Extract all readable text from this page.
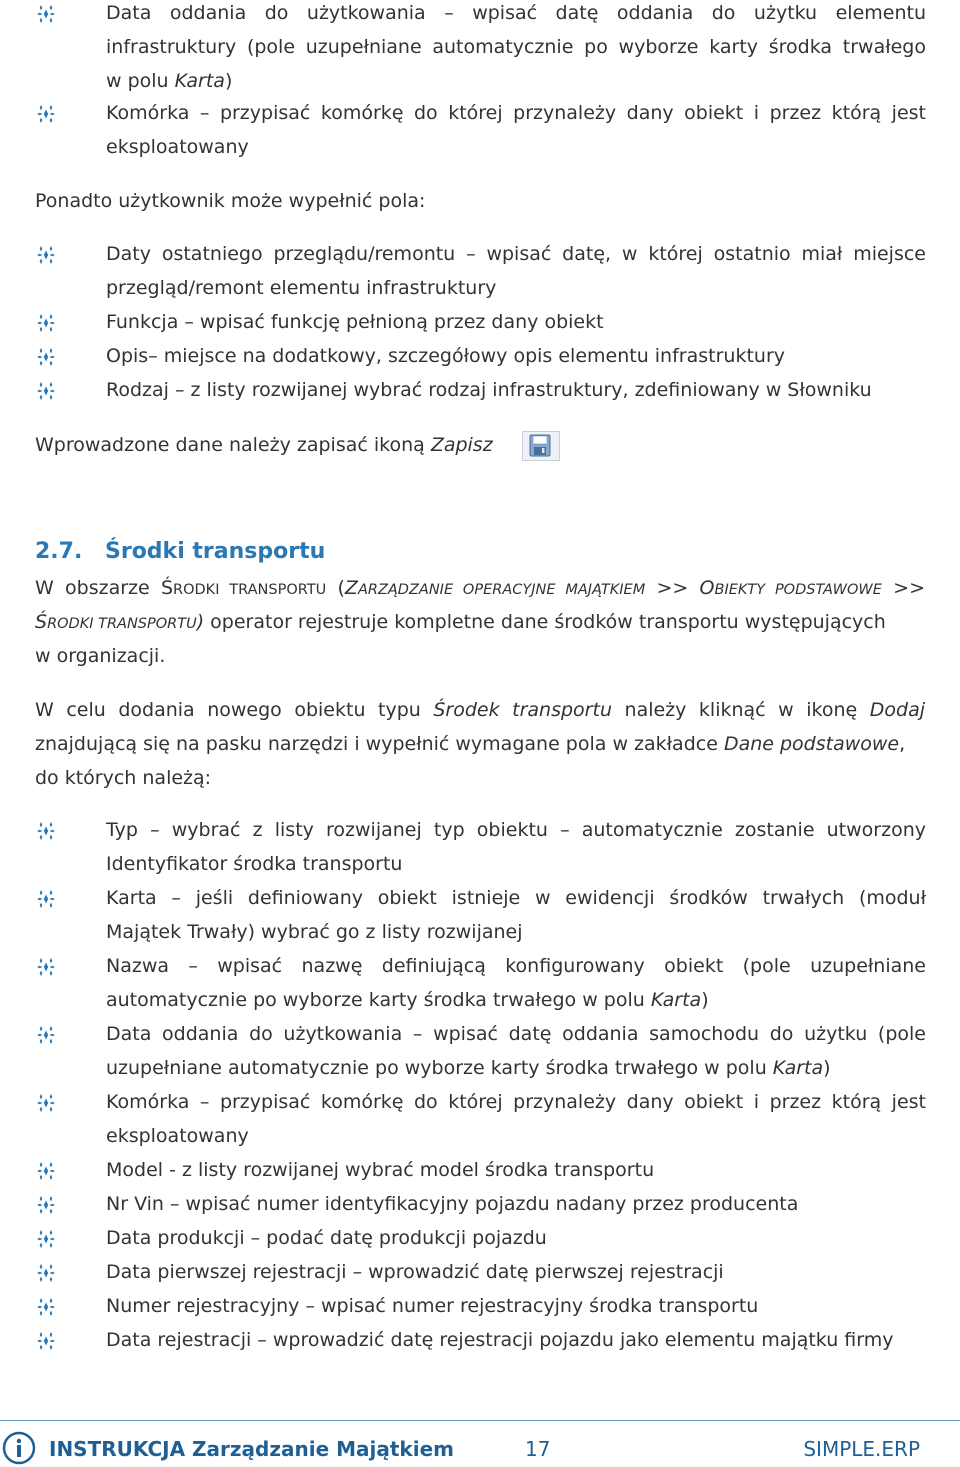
Data oddania do użytkowania – wpisać datę oddania do użytku elementu
infrastruktury (pole uzupełniane automatycznie po wyborze karty środka trwałego
w polu Karta)
Komórka – przypisać komórkę do której przynależy dany obiekt i przez którą jest
eksploatowany
Ponadto użytkownik może wypełnić pola:
Daty ostatniego przeglądu/remontu – wpisać datę, w której ostatnio miał miejsce
przegląd/remont elementu infrastruktury
Funkcja – wpisać funkcję pełnioną przez dany obiekt
Opis– miejsce na dodatkowy, szczegółowy opis elementu infrastruktury
Rodzaj – z listy rozwijanej wybrać rodzaj infrastruktury, zdefiniowany w Słowniku
Wprowadzone dane należy zapisać ikoną Zapisz
2.7. Środki transportu
W obszarze ŚRODKI TRANSPORTU (ZARZĄDZANIE OPERACYJNE MAJĄTKIEM >> OBIEKTY PODSTAWOWE >>
ŚRODKI TRANSPORTU) operator rejestruje kompletne dane środków transportu występujących
w organizacji.
W celu dodania nowego obiektu typu Środek transportu należy kliknąć w ikonę Dodaj
znajdującą się na pasku narzędzi i wypełnić wymagane pola w zakładce Dane podstawowe,
do których należą:
Typ – wybrać z listy rozwijanej typ obiektu – automatycznie zostanie utworzony
Identyfikator środka transportu
Karta – jeśli definiowany obiekt istnieje w ewidencji środków trwałych (moduł
Majątek Trwały) wybrać go z listy rozwijanej
Nazwa – wpisać nazwę definiującą konfigurowany obiekt (pole uzupełniane
automatycznie po wyborze karty środka trwałego w polu Karta)
Data oddania do użytkowania – wpisać datę oddania samochodu do użytku (pole
uzupełniane automatycznie po wyborze karty środka trwałego w polu Karta)
Komórka – przypisać komórkę do której przynależy dany obiekt i przez którą jest
eksploatowany
Model - z listy rozwijanej wybrać model środka transportu
Nr Vin – wpisać numer identyfikacyjny pojazdu nadany przez producenta
Data produkcji – podać datę produkcji pojazdu
Data pierwszej rejestracji – wprowadzić datę pierwszej rejestracji
Numer rejestracyjny – wpisać numer rejestracyjny środka transportu
Data rejestracji – wprowadzić datę rejestracji pojazdu jako elementu majątku firmy
INSTRUKCJA Zarządzanie Majątkiem	17	SIMPLE.ERP
